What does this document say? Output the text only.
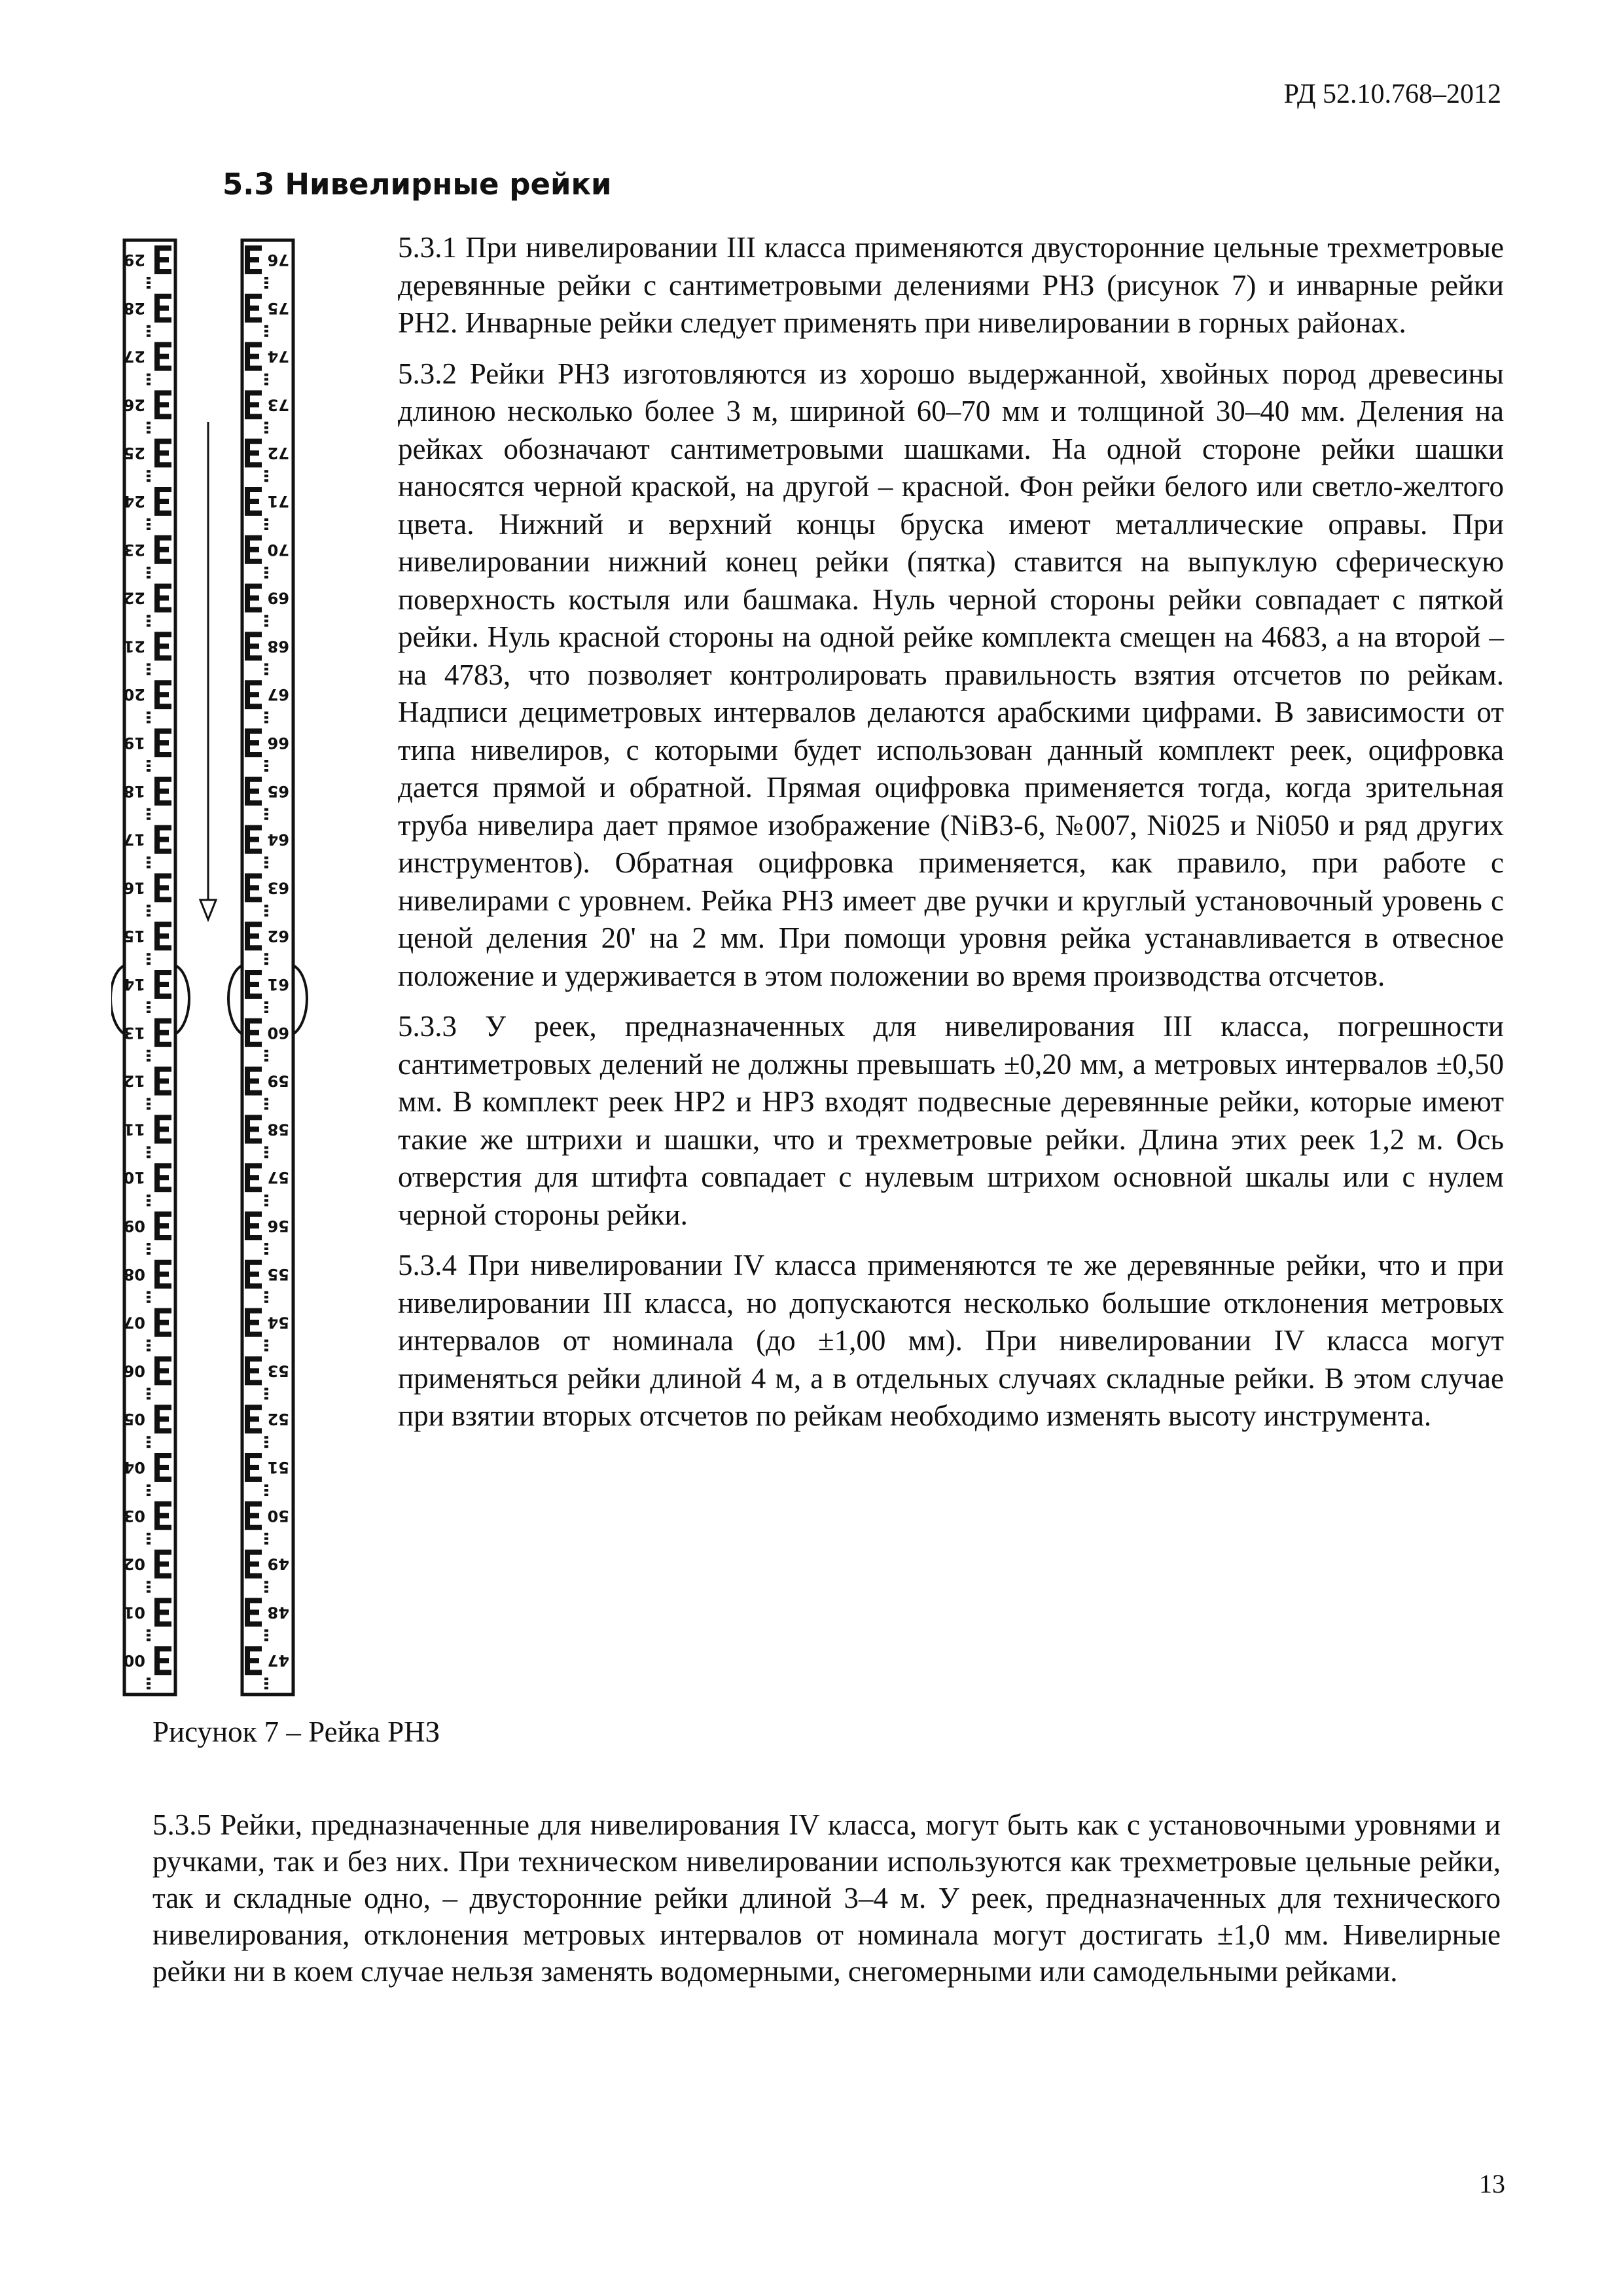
РД 52.10.768–2012
5.3 Нивелирные рейки
29
28
27
26
25
24
23
22
21
20
19
18
17
16
15
14
13
12
11
10
09
08
07
06
05
04
03
02
01
00
76
75
74
73
72
71
70
69
68
67
66
65
64
63
62
61
60
59
58
57
56
55
54
53
52
51
50
49
48
47

5.3.1 При нивелировании III класса применяются двусторонние цельные трехметровые деревянные рейки с сантиметровыми делениями РНЗ (рисунок 7) и инварные рейки РН2. Инварные рейки следует применять при нивелировании в горных районах.

5.3.2 Рейки РНЗ изготовляются из хорошо выдержанной, хвойных пород древесины длиною несколько более 3 м, шириной 60–70 мм и толщиной 30–40 мм. Деления на рейках обозначают сантиметровыми шашками. На одной стороне рейки шашки наносятся черной краской, на другой – красной. Фон рейки белого или светло-желтого цвета. Нижний и верхний концы бруска имеют металлические оправы. При нивелировании нижний конец рейки (пятка) ставится на выпуклую сферическую поверхность костыля или башмака. Нуль черной стороны рейки совпадает с пяткой рейки. Нуль красной стороны на одной рейке комплекта смещен на 4683, а на второй – на 4783, что позволяет контролировать правильность взятия отсчетов по рейкам. Надписи дециметровых интервалов делаются арабскими цифрами. В зависимости от типа нивелиров, с которыми будет использован данный комплект реек, оцифровка дается прямой и обратной. Прямая оцифровка применяется тогда, когда зрительная труба нивелира дает прямое изображение (NiB3-6, №007, Ni025 и Ni050 и ряд других инструментов). Обратная оцифровка применяется, как правило, при работе с нивелирами с уровнем. Рейка РНЗ имеет две ручки и круглый установочный уровень с ценой деления 20' на 2 мм. При помощи уровня рейка устанавливается в отвесное положение и удерживается в этом положении во время производства отсчетов.

5.3.3 У реек, предназначенных для нивелирования III класса, погрешности сантиметровых делений не должны превышать ±0,20 мм, а метровых интервалов ±0,50 мм. В комплект реек НР2 и НРЗ входят подвесные деревянные рейки, которые имеют такие же штрихи и шашки, что и трехметровые рейки. Длина этих реек 1,2 м. Ось отверстия для штифта совпадает с нулевым штрихом основной шкалы или с нулем черной стороны рейки.

5.3.4 При нивелировании IV класса применяются те же деревянные рейки, что и при нивелировании III класса, но допускаются несколько большие отклонения метровых интервалов от номинала (до ±1,00 мм). При нивелировании IV класса могут применяться рейки длиной 4 м, а в отдельных случаях складные рейки. В этом случае при взятии вторых отсчетов по рейкам необходимо изменять высоту инструмента.

Рисунок 7 – Рейка РНЗ

5.3.5 Рейки, предназначенные для нивелирования IV класса, могут быть как с установочными уровнями и ручками, так и без них. При техническом нивелировании используются как трехметровые цельные рейки, так и складные одно, – двусторонние рейки длиной 3–4 м. У реек, предназначенных для технического нивелирования, отклонения метровых интервалов от номинала могут достигать ±1,0 мм. Нивелирные рейки ни в коем случае нельзя заменять водомерными, снегомерными или самодельными рейками.

13
